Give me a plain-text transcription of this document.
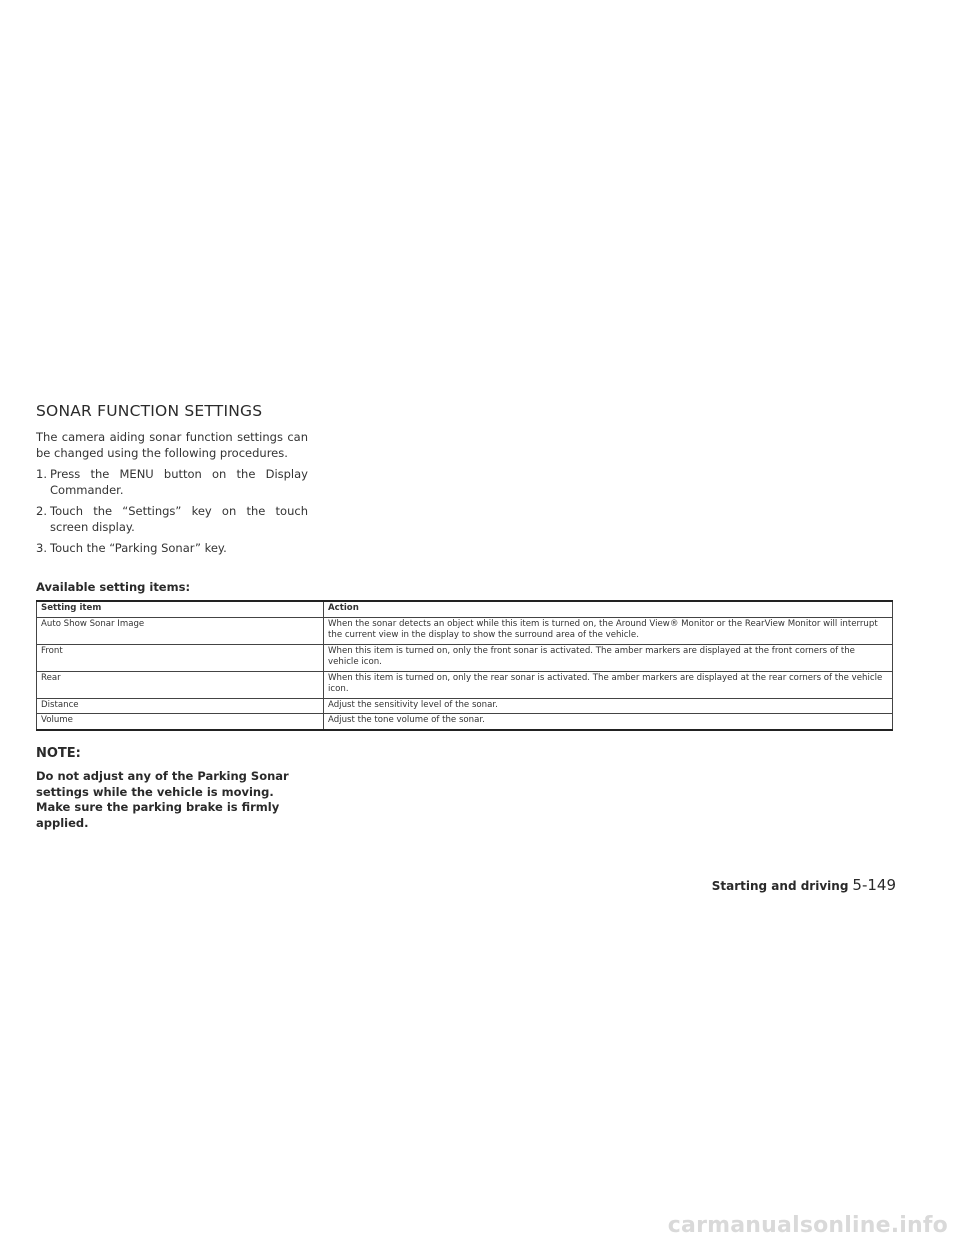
SONAR FUNCTION SETTINGS

The camera aiding sonar function settings can be changed using the following procedures.

1. Press the MENU button on the Display Commander.
2. Touch the “Settings” key on the touch screen display.
3. Touch the “Parking Sonar” key.

Available setting items:

Setting item	Action
Auto Show Sonar Image	When the sonar detects an object while this item is turned on, the Around View® Monitor or the RearView Monitor will interrupt the current view in the display to show the surround area of the vehicle.
Front	When this item is turned on, only the front sonar is activated. The amber markers are displayed at the front corners of the vehicle icon.
Rear	When this item is turned on, only the rear sonar is activated. The amber markers are displayed at the rear corners of the vehicle icon.
Distance	Adjust the sensitivity level of the sonar.
Volume	Adjust the tone volume of the sonar.

NOTE:

Do not adjust any of the Parking Sonar settings while the vehicle is moving. Make sure the parking brake is firmly applied.

Starting and driving 5-149
carmanualsonline.info
